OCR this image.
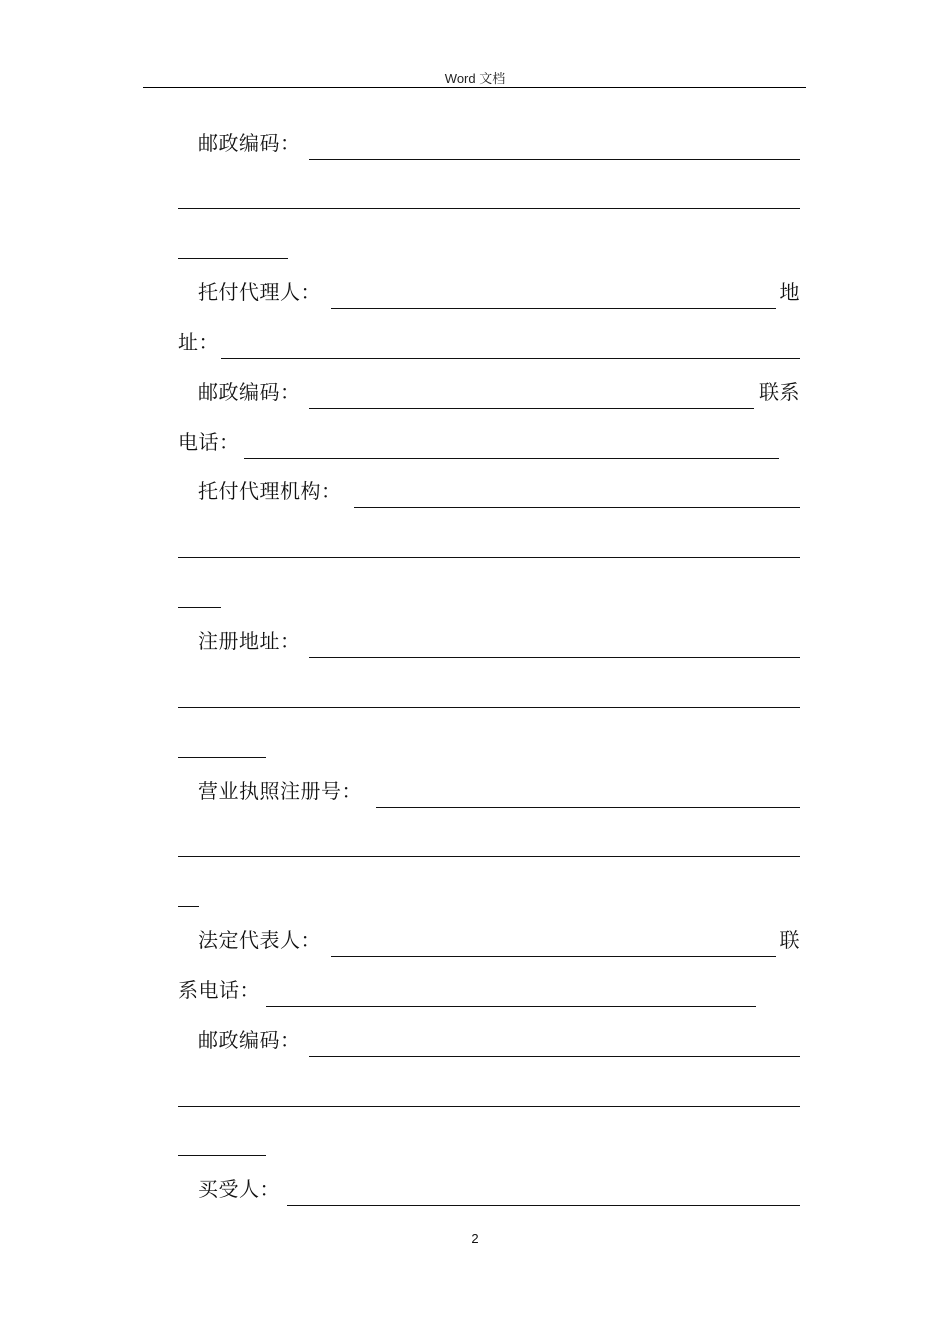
Word 文档
邮政编码：
托付代理人：	地
址：
邮政编码：	联系
电话：
托付代理机构：
注册地址：
营业执照注册号：
法定代表人：	联
系电话：
邮政编码：
买受人：
2
